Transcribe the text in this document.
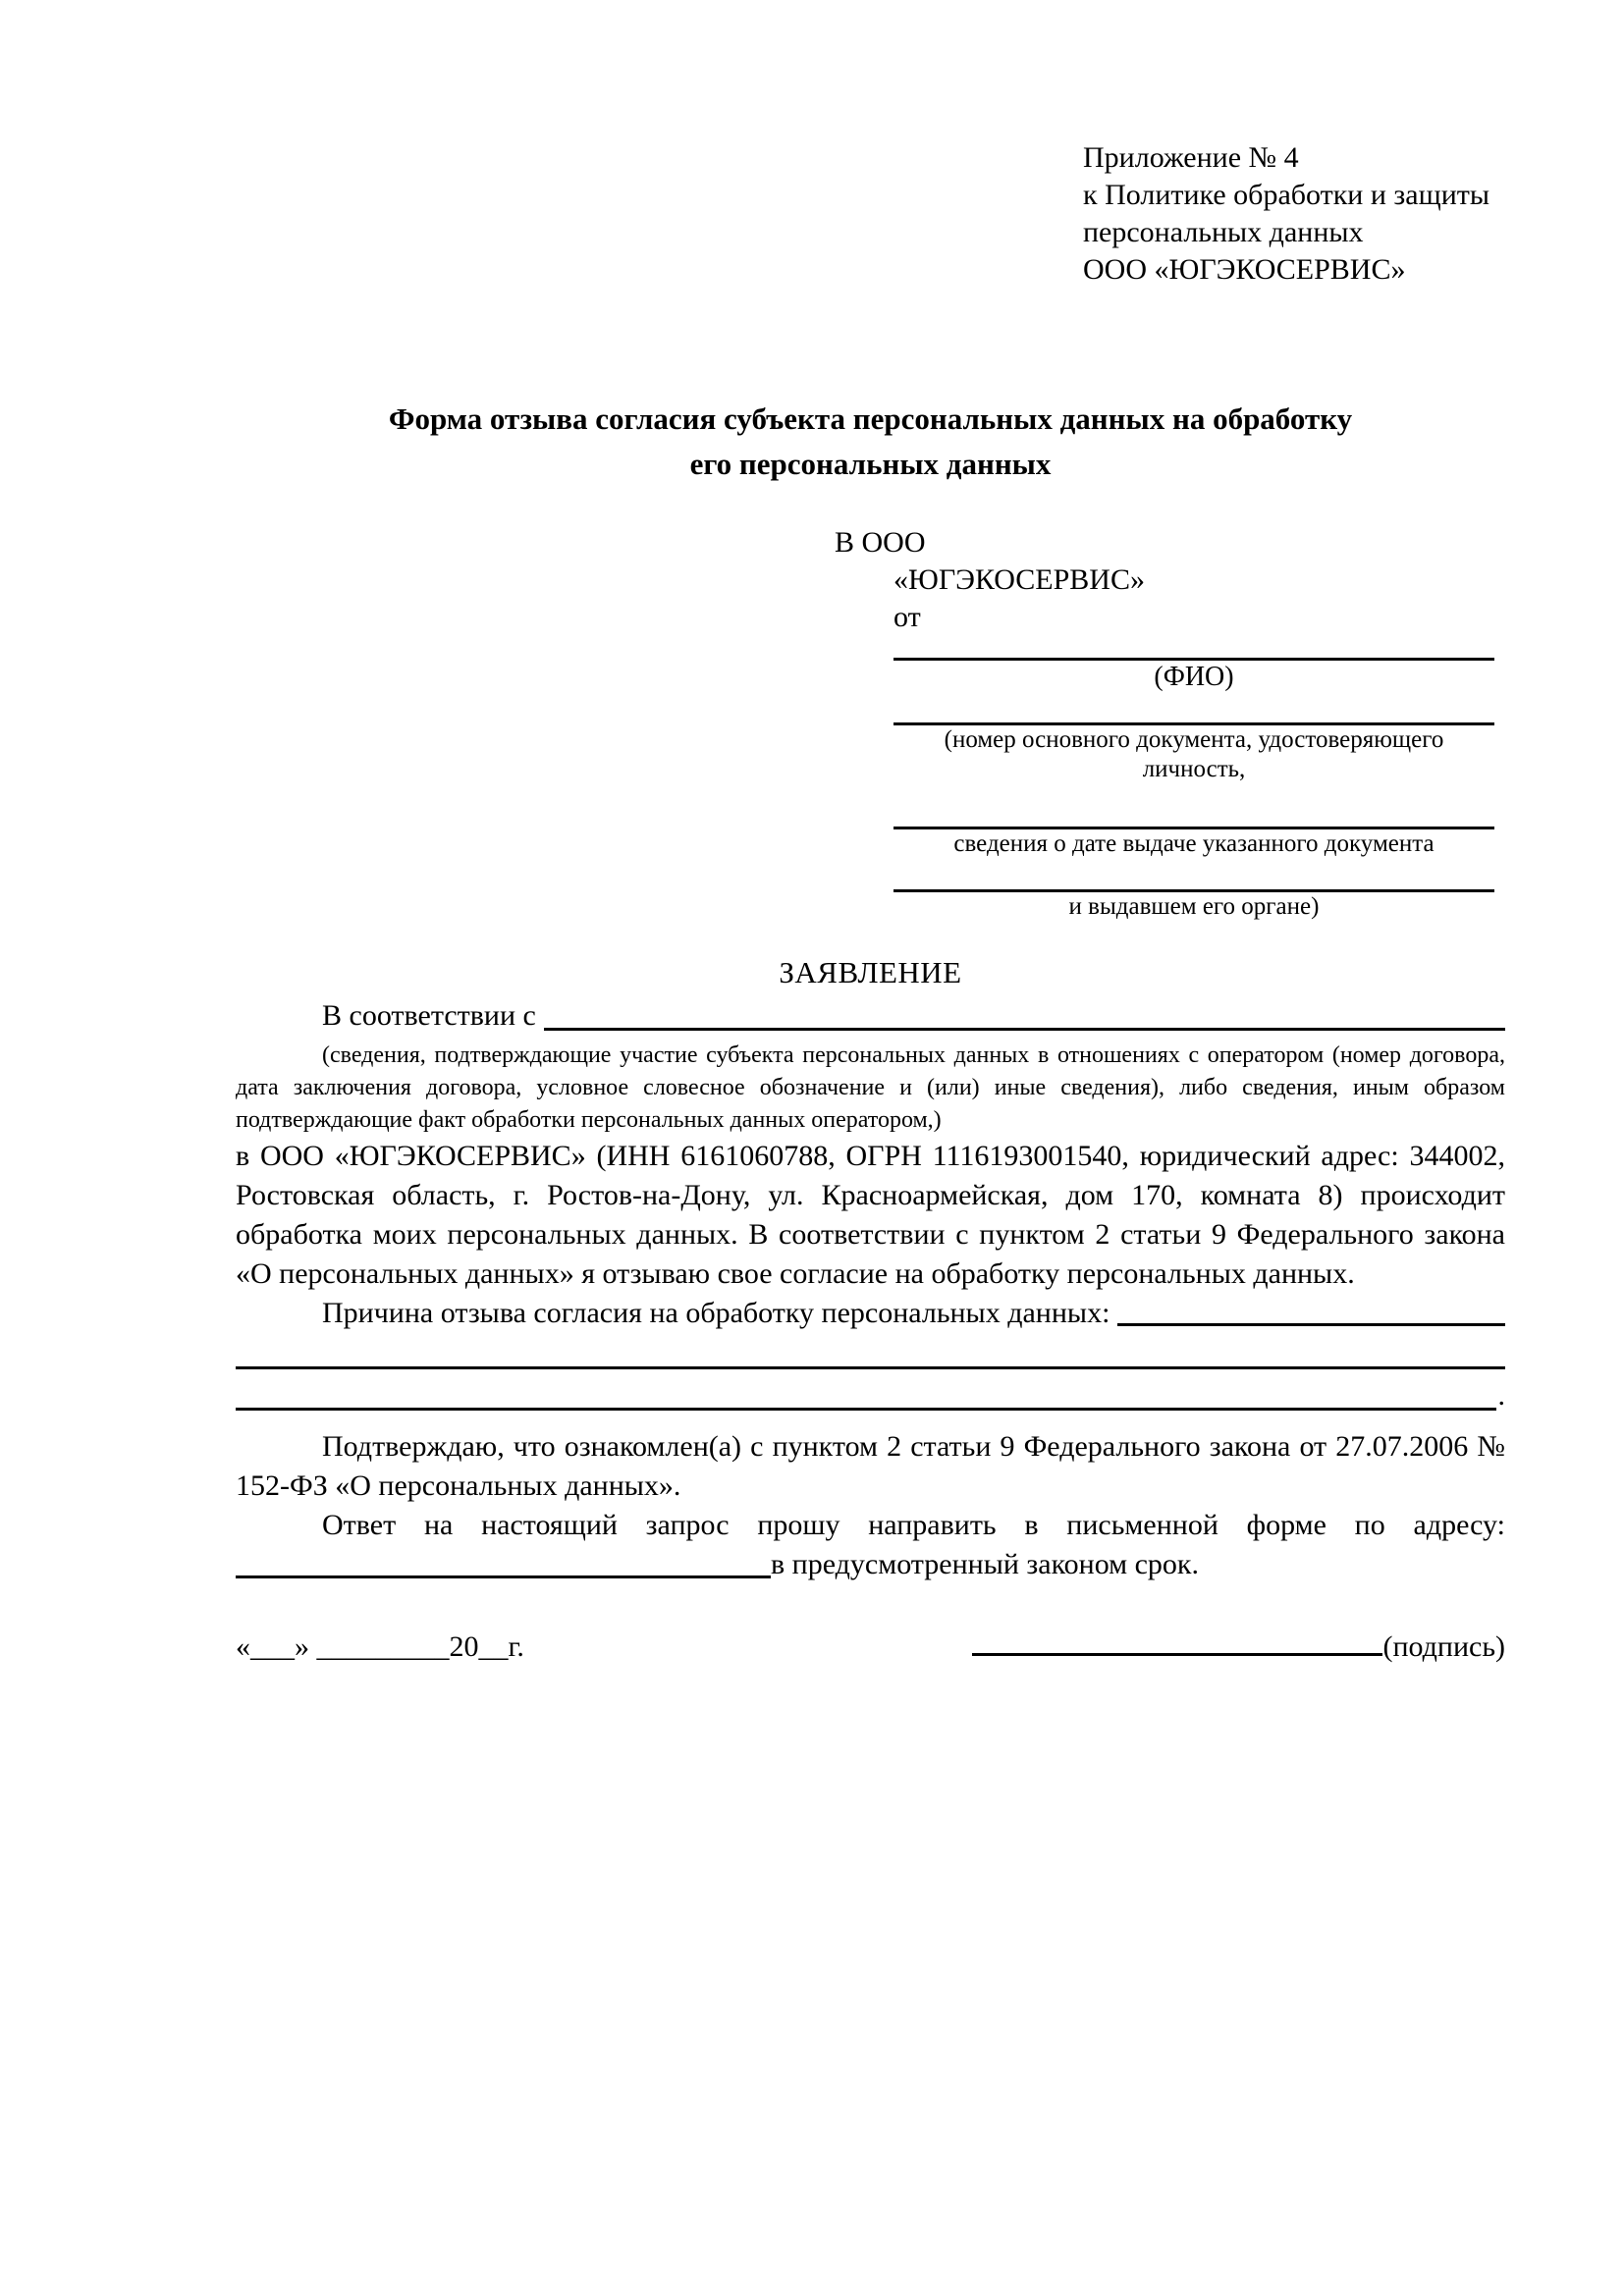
Приложение № 4
к Политике обработки и защиты
персональных данных
ООО «ЮГЭКОСЕРВИС»
Форма отзыва согласия субъекта персональных данных на обработку
его персональных данных
В ООО
«ЮГЭКОСЕРВИС»
от
(ФИО)
(номер основного документа, удостоверяющего личность,
сведения о дате выдаче указанного документа
и выдавшем его органе)
ЗАЯВЛЕНИЕ
В соответствии с
(сведения, подтверждающие участие субъекта персональных данных в отношениях с оператором (номер договора, дата заключения договора, условное словесное обозначение и (или) иные сведения), либо сведения, иным образом подтверждающие факт обработки персональных данных оператором,)
в ООО «ЮГЭКОСЕРВИС» (ИНН 6161060788, ОГРН 1116193001540, юридический адрес: 344002, Ростовская область, г. Ростов-на-Дону, ул. Красноармейская, дом 170, комната 8) происходит обработка моих персональных данных. В соответствии с пунктом 2 статьи 9 Федерального закона «О персональных данных» я отзываю свое согласие на обработку персональных данных.
Причина отзыва согласия на обработку персональных данных:
.
Подтверждаю, что ознакомлен(а) с пунктом 2 статьи 9 Федерального закона от 27.07.2006 № 152-ФЗ «О персональных данных».
Ответ на настоящий запрос прошу направить в письменной форме по адресу:
в предусмотренный законом срок.
«___» _________20__г.	(подпись)
